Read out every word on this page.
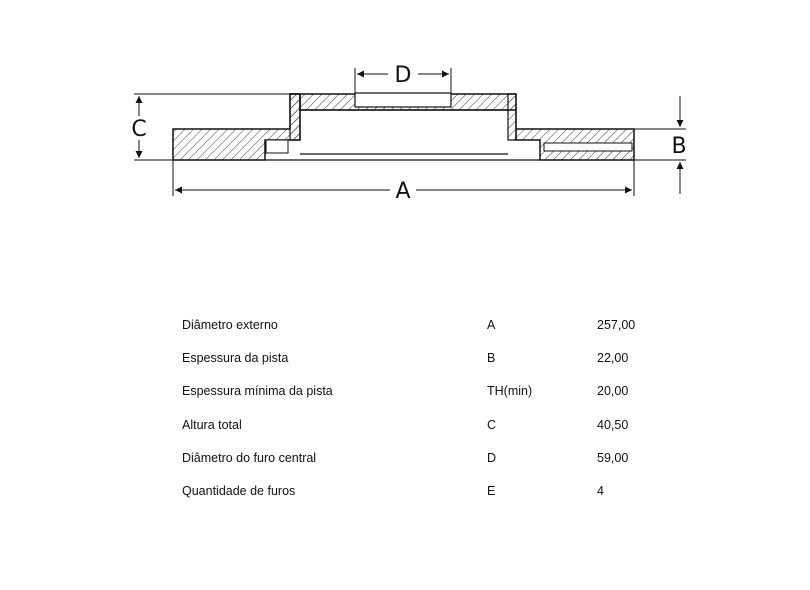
D
C
B
A
Diâmetro externo	A	257,00
Espessura da pista	B	22,00
Espessura mínima da pista	TH(min)	20,00
Altura total	C	40,50
Diâmetro do furo central	D	59,00
Quantidade de furos	E	4
